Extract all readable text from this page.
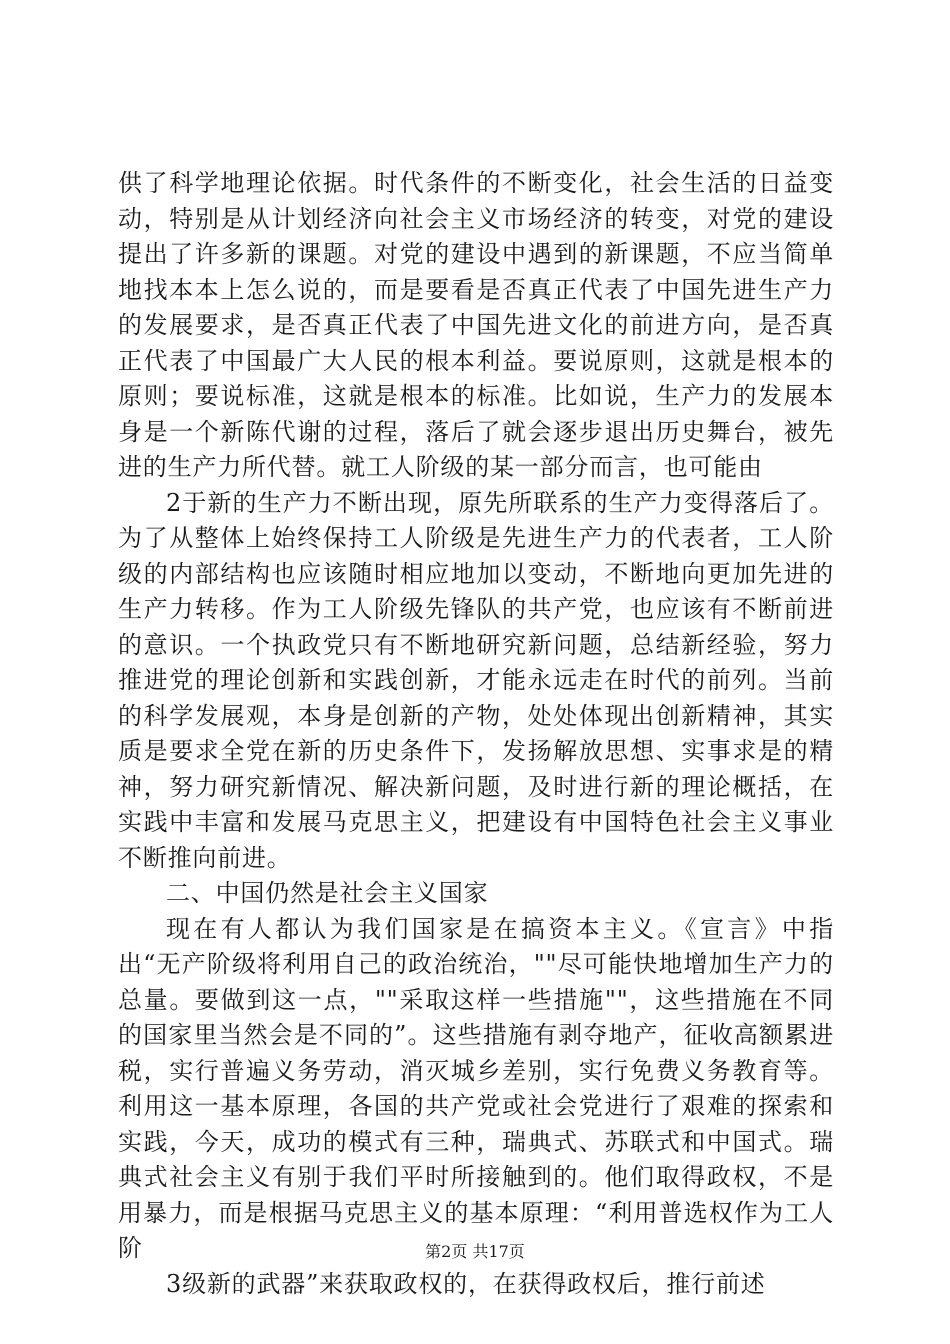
供了科学地理论依据。时代条件的不断变化，社会生活的日益变动，特别是从计划经济向社会主义市场经济的转变，对党的建设提出了许多新的课题。对党的建设中遇到的新课题，不应当简单地找本本上怎么说的，而是要看是否真正代表了中国先进生产力的发展要求，是否真正代表了中国先进文化的前进方向，是否真正代表了中国最广大人民的根本利益。要说原则，这就是根本的原则；要说标准，这就是根本的标准。比如说，生产力的发展本身是一个新陈代谢的过程，落后了就会逐步退出历史舞台，被先进的生产力所代替。就工人阶级的某一部分而言，也可能由

2于新的生产力不断出现，原先所联系的生产力变得落后了。为了从整体上始终保持工人阶级是先进生产力的代表者，工人阶级的内部结构也应该随时相应地加以变动，不断地向更加先进的生产力转移。作为工人阶级先锋队的共产党，也应该有不断前进的意识。一个执政党只有不断地研究新问题，总结新经验，努力推进党的理论创新和实践创新，才能永远走在时代的前列。当前的科学发展观，本身是创新的产物，处处体现出创新精神，其实质是要求全党在新的历史条件下，发扬解放思想、实事求是的精神，努力研究新情况、解决新问题，及时进行新的理论概括，在实践中丰富和发展马克思主义，把建设有中国特色社会主义事业不断推向前进。

二、中国仍然是社会主义国家

现在有人都认为我们国家是在搞资本主义。《宣言》中指出“无产阶级将利用自己的政治统治，""尽可能快地增加生产力的总量。要做到这一点，""采取这样一些措施""，这些措施在不同的国家里当然会是不同的”。这些措施有剥夺地产，征收高额累进税，实行普遍义务劳动，消灭城乡差别，实行免费义务教育等。利用这一基本原理，各国的共产党或社会党进行了艰难的探索和实践，今天，成功的模式有三种，瑞典式、苏联式和中国式。瑞典式社会主义有别于我们平时所接触到的。他们取得政权，不是用暴力，而是根据马克思主义的基本原理：“利用普选权作为工人阶

3级新的武器”来获取政权的，在获得政权后，推行前述

第2页 共17页
